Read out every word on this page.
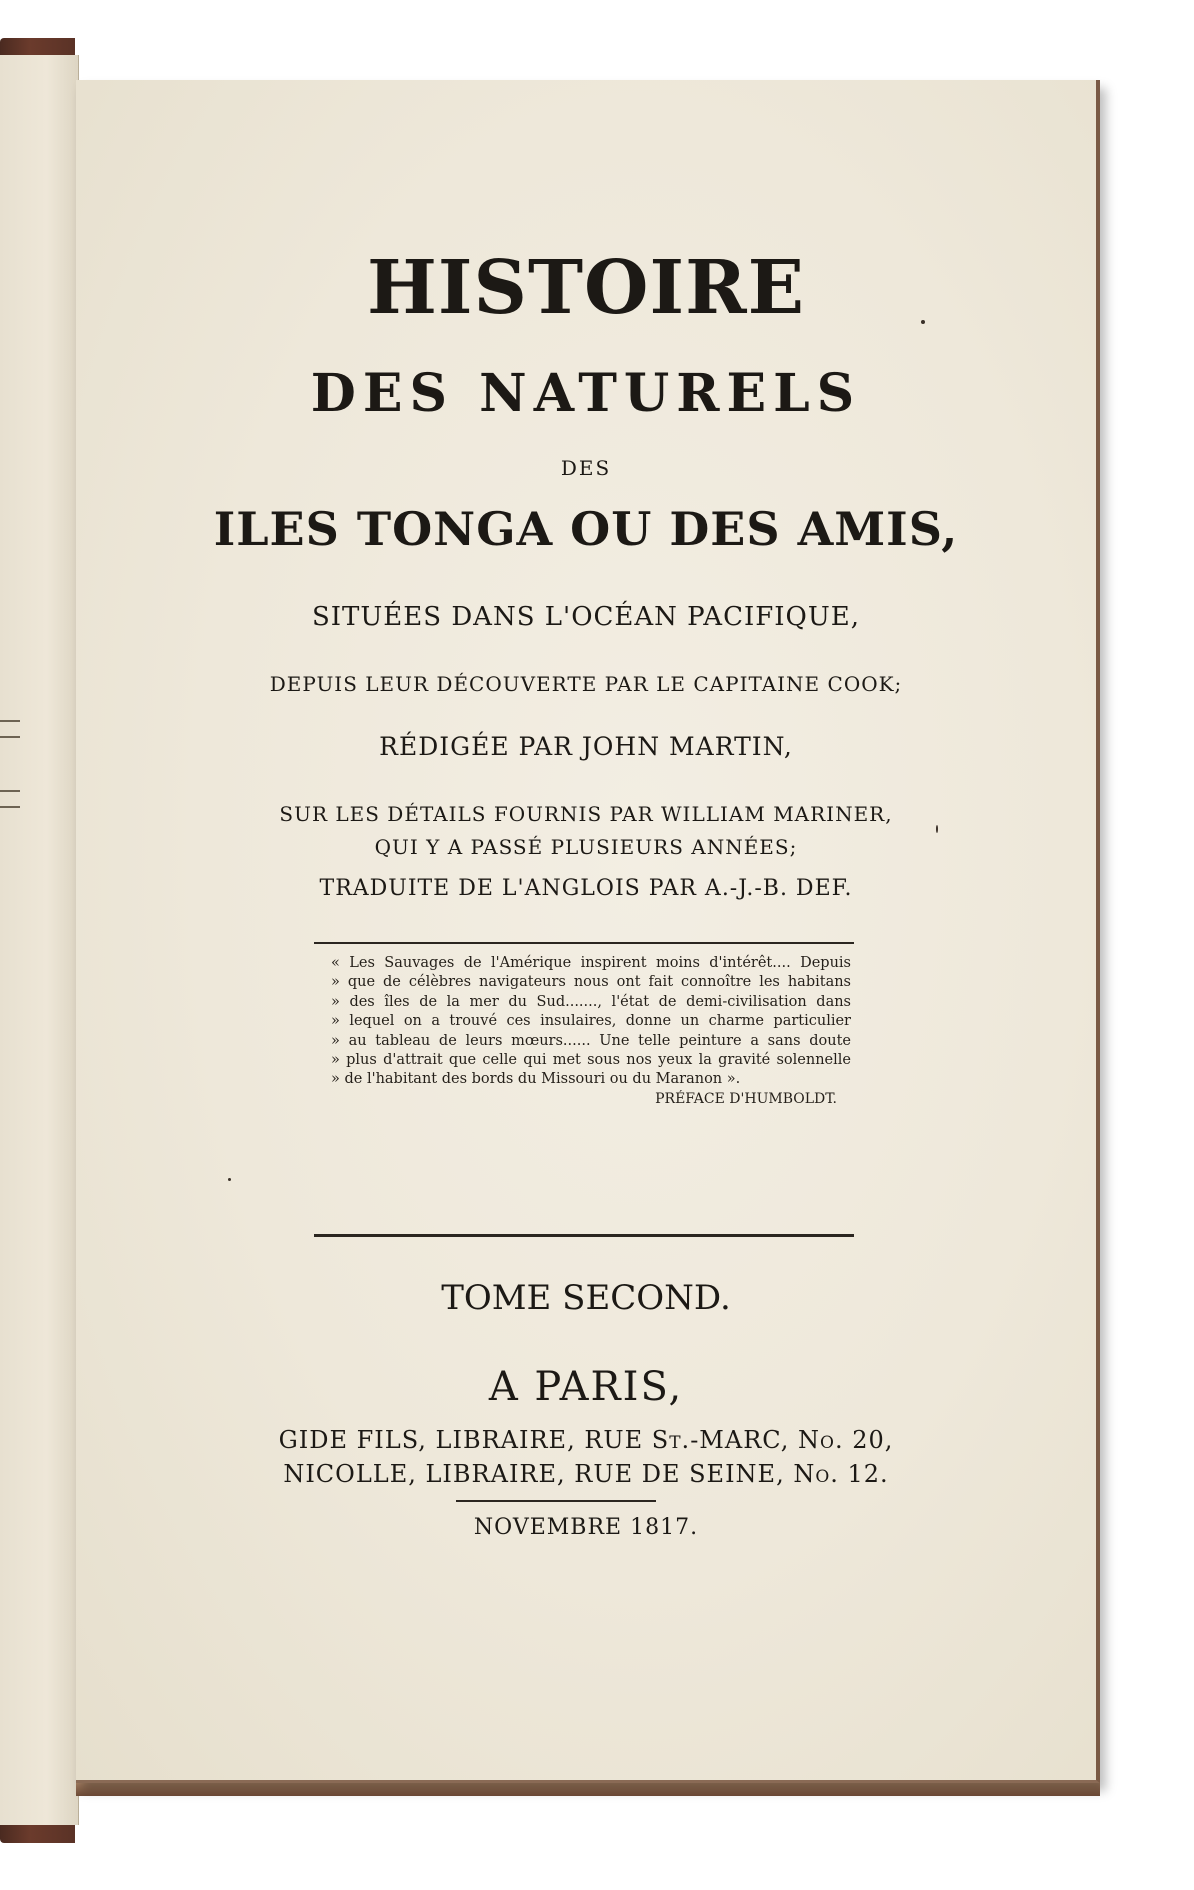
HISTOIRE
DES NATURELS
DES
ILES TONGA OU DES AMIS,
SITUÉES DANS L'OCÉAN PACIFIQUE,
DEPUIS LEUR DÉCOUVERTE PAR LE CAPITAINE COOK;
RÉDIGÉE PAR JOHN MARTIN,
SUR LES DÉTAILS FOURNIS PAR WILLIAM MARINER,
QUI Y A PASSÉ PLUSIEURS ANNÉES;
TRADUITE DE L'ANGLOIS PAR A.-J.-B. DEF.
« Les Sauvages de l'Amérique inspirent moins d'intérêt.... Depuis
» que de célèbres navigateurs nous ont fait connoître les habitans
» des îles de la mer du Sud......., l'état de demi-civilisation dans
» lequel on a trouvé ces insulaires, donne un charme particulier
» au tableau de leurs mœurs...... Une telle peinture a sans doute
» plus d'attrait que celle qui met sous nos yeux la gravité solennelle
» de l'habitant des bords du Missouri ou du Maranon ».
PRÉFACE D'HUMBOLDT.
TOME SECOND.
A PARIS,
GIDE FILS, LIBRAIRE, RUE St.-MARC, No. 20,
NICOLLE, LIBRAIRE, RUE DE SEINE, No. 12.
NOVEMBRE 1817.
